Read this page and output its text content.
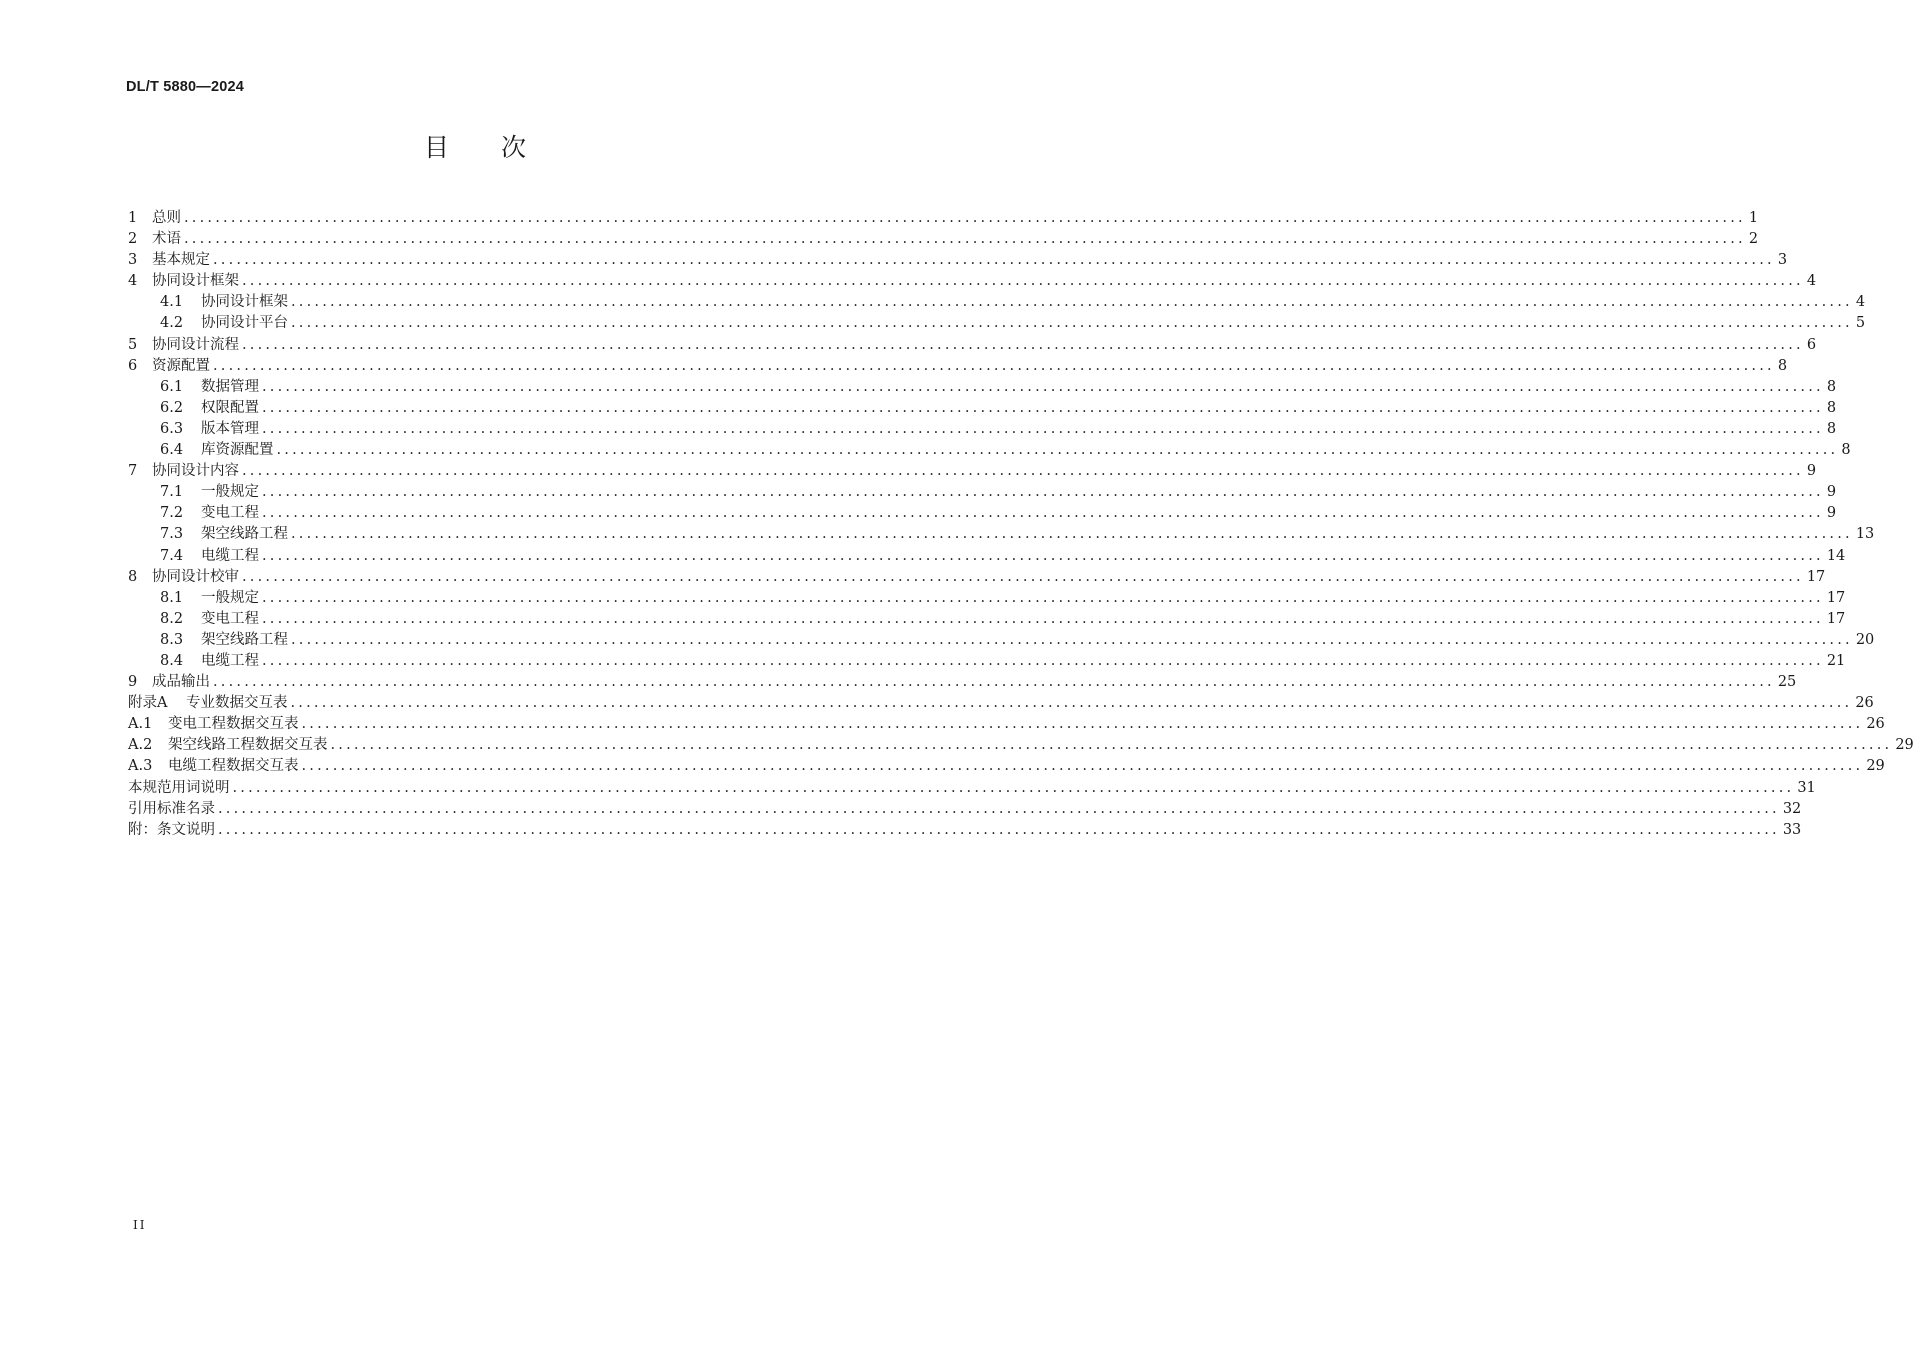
DL/T 5880—2024
目次
1	总则 ........................................................................................................................................................................................................ 1
2	术语 ........................................................................................................................................................................................................ 2
3	基本规定 ........................................................................................................................................................................................................ 3
4	协同设计框架 ........................................................................................................................................................................................................ 4
4.1	协同设计框架 ........................................................................................................................................................................................................ 4
4.2	协同设计平台 ........................................................................................................................................................................................................ 5
5	协同设计流程 ........................................................................................................................................................................................................ 6
6	资源配置 ........................................................................................................................................................................................................ 8
6.1	数据管理 ........................................................................................................................................................................................................ 8
6.2	权限配置 ........................................................................................................................................................................................................ 8
6.3	版本管理 ........................................................................................................................................................................................................ 8
6.4	库资源配置 ........................................................................................................................................................................................................ 8
7	协同设计内容 ........................................................................................................................................................................................................ 9
7.1	一般规定 ........................................................................................................................................................................................................ 9
7.2	变电工程 ........................................................................................................................................................................................................ 9
7.3	架空线路工程 ........................................................................................................................................................................................................ 13
7.4	电缆工程 ........................................................................................................................................................................................................ 14
8	协同设计校审 ........................................................................................................................................................................................................ 17
8.1	一般规定 ........................................................................................................................................................................................................ 17
8.2	变电工程 ........................................................................................................................................................................................................ 17
8.3	架空线路工程 ........................................................................................................................................................................................................ 20
8.4	电缆工程 ........................................................................................................................................................................................................ 21
9	成品输出 ........................................................................................................................................................................................................ 25
附录A	专业数据交互表 ........................................................................................................................................................................................................ 26
A.1	变电工程数据交互表 ........................................................................................................................................................................................................ 26
A.2	架空线路工程数据交互表 ........................................................................................................................................................................................................ 29
A.3	电缆工程数据交互表 ........................................................................................................................................................................................................ 29
本规范用词说明 ........................................................................................................................................................................................................ 31
引用标准名录 ........................................................................................................................................................................................................ 32
附：条文说明 ........................................................................................................................................................................................................ 33
II
